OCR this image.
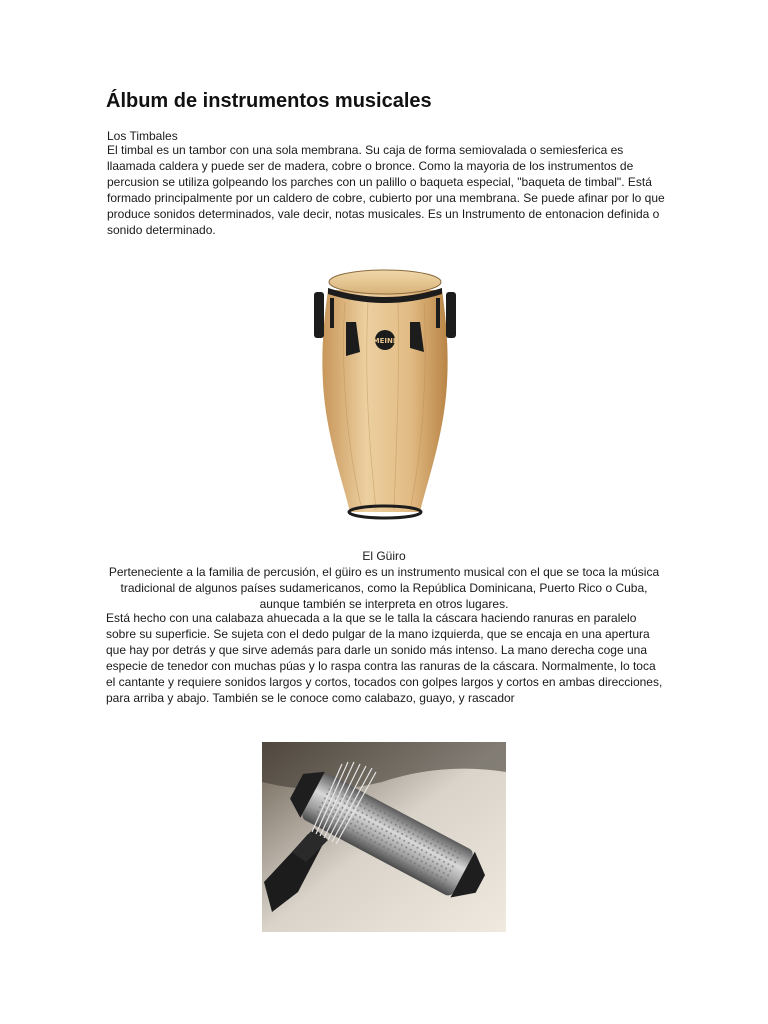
Álbum de instrumentos musicales
Los Timbales

El timbal es un tambor con una sola membrana. Su caja de forma semiovalada o semiesferica es llaamada caldera y puede ser de madera, cobre o bronce. Como la mayoria de los instrumentos de percusion se utiliza golpeando los parches con un palillo o baqueta especial, "baqueta de timbal". Está formado principalmente por un caldero de cobre, cubierto por una membrana. Se puede afinar por lo que produce sonidos determinados, vale decir, notas musicales. Es un Instrumento de entonacion definida o sonido determinado.

MEINL
El Güiro

Perteneciente a la familia de percusión, el güiro es un instrumento musical con el que se toca la música tradicional de algunos países sudamericanos, como la República Dominicana, Puerto Rico o Cuba, aunque también se interpreta en otros lugares.

Está hecho con una calabaza ahuecada a la que se le talla la cáscara haciendo ranuras en paralelo sobre su superficie. Se sujeta con el dedo pulgar de la mano izquierda, que se encaja en una apertura que hay por detrás y que sirve además para darle un sonido más intenso. La mano derecha coge una especie de tenedor con muchas púas y lo raspa contra las ranuras de la cáscara. Normalmente, lo toca el cantante y requiere sonidos largos y cortos, tocados con golpes largos y cortos en ambas direcciones, para arriba y abajo. También se le conoce como calabazo, guayo, y rascador
